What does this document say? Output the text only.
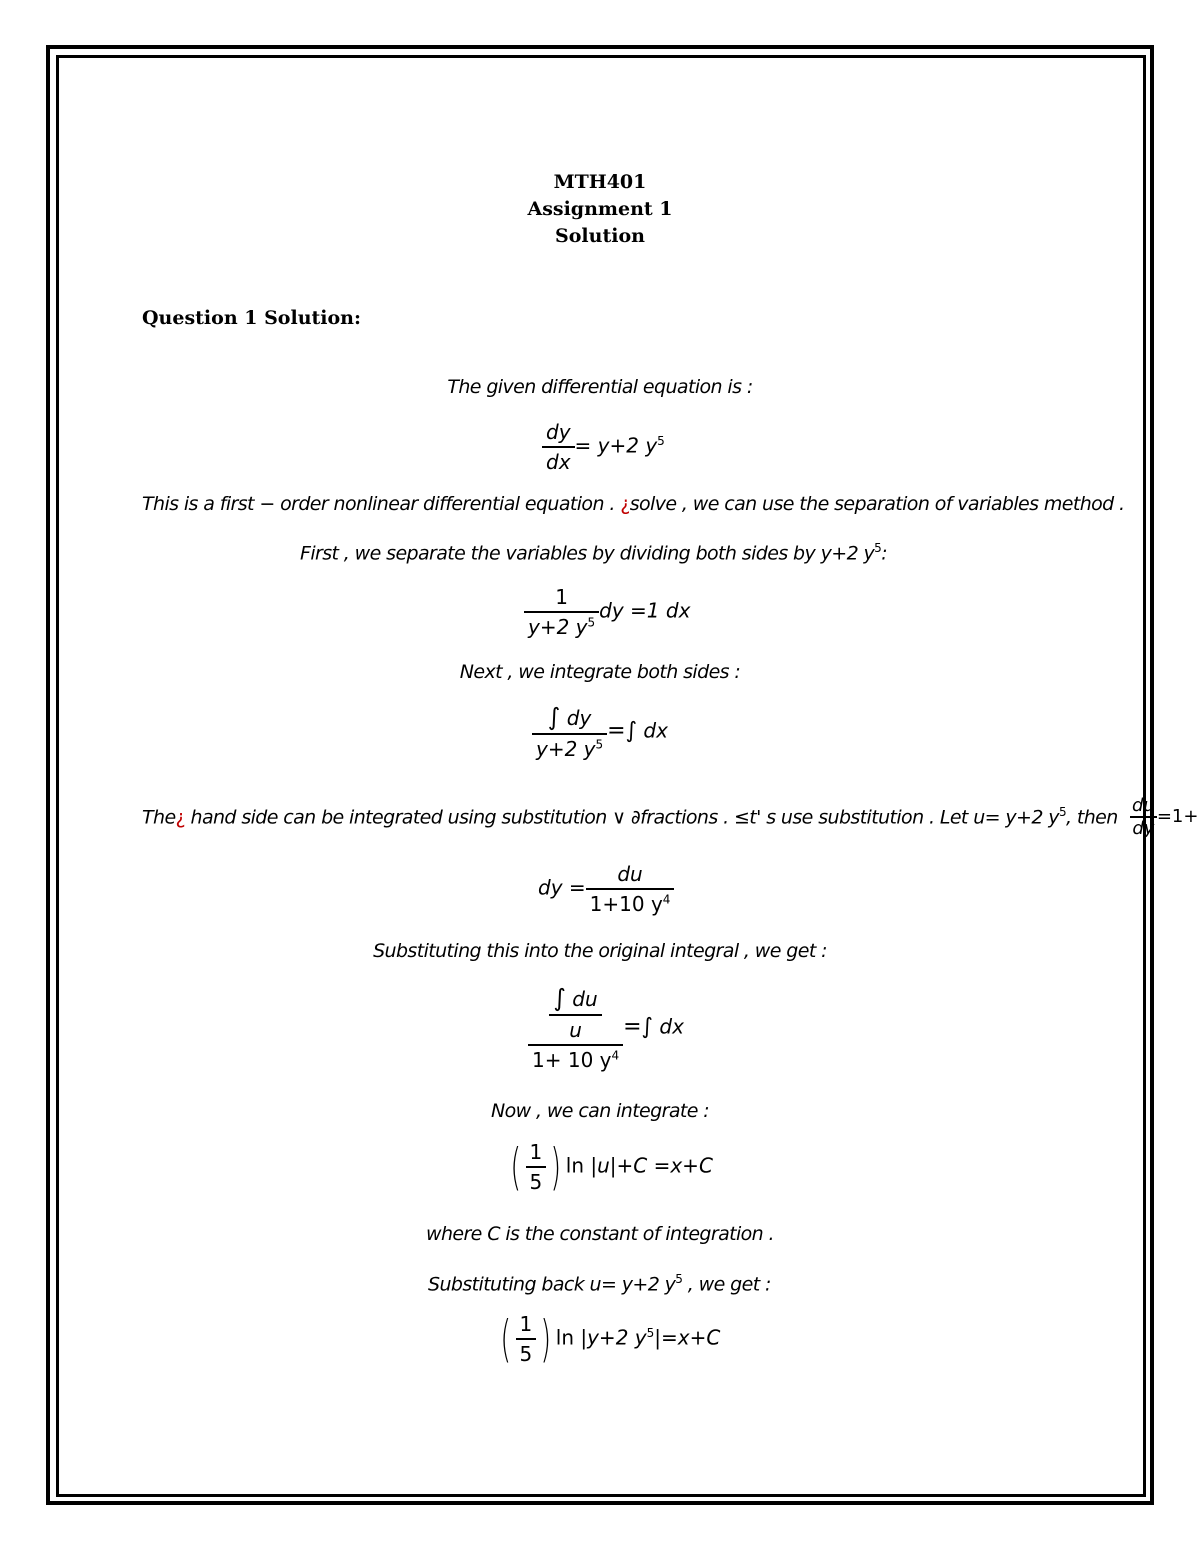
MTH401
Assignment 1
Solution
Question 1 Solution:
The given differential equation is :
$\frac{dy}{dx} = y+2$ $y^5$
This is a first − order nonlinear differential equation . ¿solve , we can use the separation of variables method .
First , we separate the variables by dividing both sides by y+2 $y^5$:
$\frac{1}{y+2 y^5}$ dy =1 dx
Next , we integrate both sides :
$\frac{\int dy}{y+2 y^5}$ =∫ dx
The¿ hand side can be integrated using substitution ∨ ∂fractions . ≤t' s use substitution . Let u= y+2 $y^5$, then $\frac{du}{dy} =1+$
dy = $\frac{du}{1+10 y^4}$
Substituting this into the original integral , we get :
$\frac{\frac{\int du}{u}}{1+ 10 y^4}$ =∫ dx
Now , we can integrate :
( $\frac{1}{5}$ ) ln |u|+C =x+C
where C is the constant of integration .
Substituting back u= y+2 $y^5$ , we get :
( $\frac{1}{5}$ ) ln |y+2 $y^5|=x+C$
